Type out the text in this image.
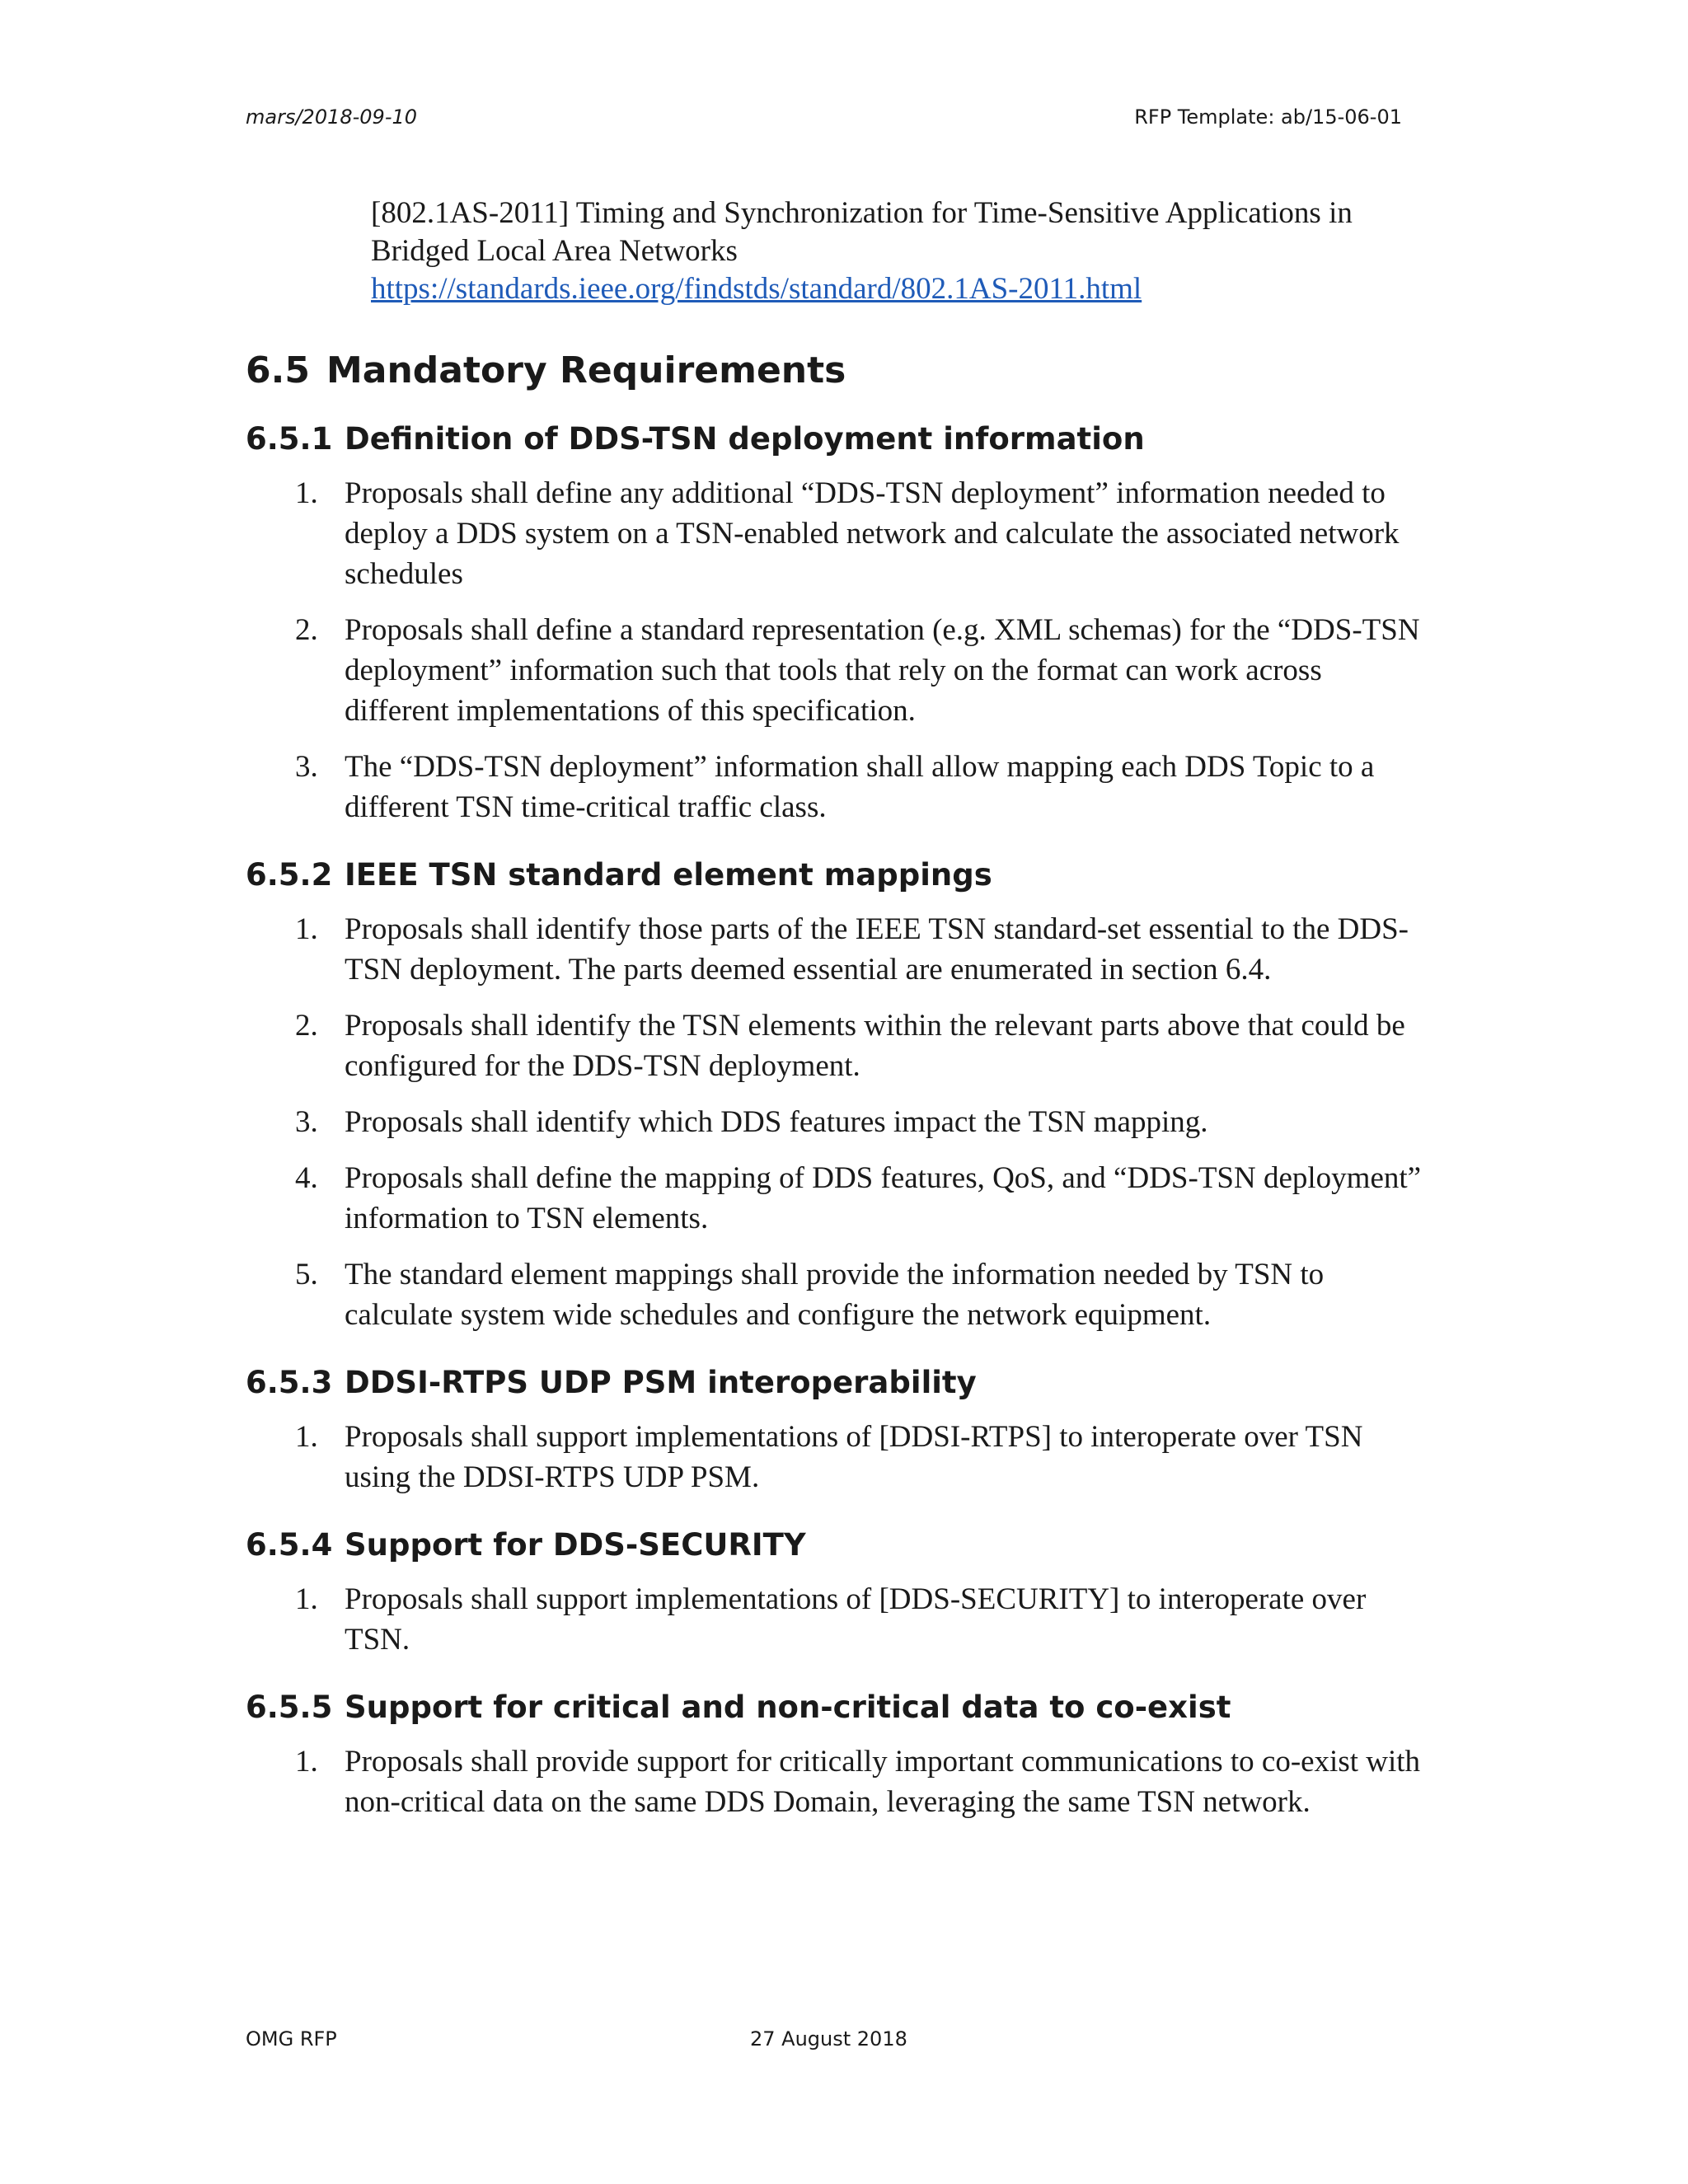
mars/2018-09-10	RFP Template: ab/15-06-01
[802.1AS-2011] Timing and Synchronization for Time-Sensitive Applications in Bridged Local Area Networks
https://standards.ieee.org/findstds/standard/802.1AS-2011.html
6.5 Mandatory Requirements
6.5.1 Definition of DDS-TSN deployment information
1. Proposals shall define any additional “DDS-TSN deployment” information needed to deploy a DDS system on a TSN-enabled network and calculate the associated network schedules
2. Proposals shall define a standard representation (e.g. XML schemas) for the “DDS-TSN deployment” information such that tools that rely on the format can work across different implementations of this specification.
3. The “DDS-TSN deployment” information shall allow mapping each DDS Topic to a different TSN time-critical traffic class.
6.5.2 IEEE TSN standard element mappings
1. Proposals shall identify those parts of the IEEE TSN standard-set essential to the DDS-TSN deployment. The parts deemed essential are enumerated in section 6.4.
2. Proposals shall identify the TSN elements within the relevant parts above that could be configured for the DDS-TSN deployment.
3. Proposals shall identify which DDS features impact the TSN mapping.
4. Proposals shall define the mapping of DDS features, QoS, and “DDS-TSN deployment” information to TSN elements.
5. The standard element mappings shall provide the information needed by TSN to calculate system wide schedules and configure the network equipment.
6.5.3 DDSI-RTPS UDP PSM interoperability
1. Proposals shall support implementations of [DDSI-RTPS] to interoperate over TSN using the DDSI-RTPS UDP PSM.
6.5.4 Support for DDS-SECURITY
1. Proposals shall support implementations of [DDS-SECURITY] to interoperate over TSN.
6.5.5 Support for critical and non-critical data to co-exist
1. Proposals shall provide support for critically important communications to co-exist with non-critical data on the same DDS Domain, leveraging the same TSN network.
OMG RFP	27 August 2018
